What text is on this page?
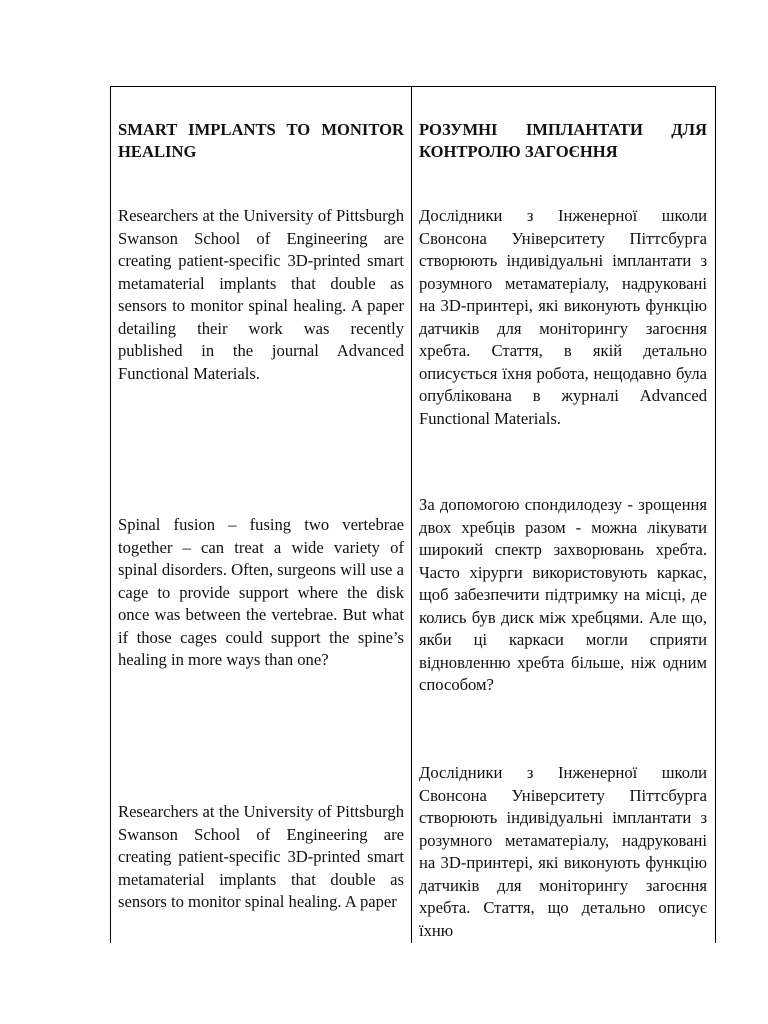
SMART IMPLANTS TO MONITOR HEALING
Researchers at the University of Pittsburgh Swanson School of Engineering are creating patient-specific 3D-printed smart metamaterial implants that double as sensors to monitor spinal healing. A paper detailing their work was recently published in the journal Advanced Functional Materials.
Spinal fusion – fusing two vertebrae together – can treat a wide variety of spinal disorders. Often, surgeons will use a cage to provide support where the disk once was between the vertebrae. But what if those cages could support the spine’s healing in more ways than one?
Researchers at the University of Pittsburgh Swanson School of Engineering are creating patient-specific 3D-printed smart metamaterial implants that double as sensors to monitor spinal healing. A paper
РОЗУМНІ ІМПЛАНТАТИ ДЛЯ КОНТРОЛЮ ЗАГОЄННЯ
Дослідники з Інженерної школи Свонсона Університету Піттсбурга створюють індивідуальні імплантати з розумного метаматеріалу, надруковані на 3D-принтері, які виконують функцію датчиків для моніторингу загоєння хребта. Стаття, в якій детально описується їхня робота, нещодавно була опублікована в журналі Advanced Functional Materials.
За допомогою спондилодезу - зрощення двох хребців разом - можна лікувати широкий спектр захворювань хребта. Часто хірурги використовують каркас, щоб забезпечити підтримку на місці, де колись був диск між хребцями. Але що, якби ці каркаси могли сприяти відновленню хребта більше, ніж одним способом?
Дослідники з Інженерної школи Свонсона Університету Піттсбурга створюють індивідуальні імплантати з розумного метаматеріалу, надруковані на 3D-принтері, які виконують функцію датчиків для моніторингу загоєння хребта. Стаття, що детально описує їхню
